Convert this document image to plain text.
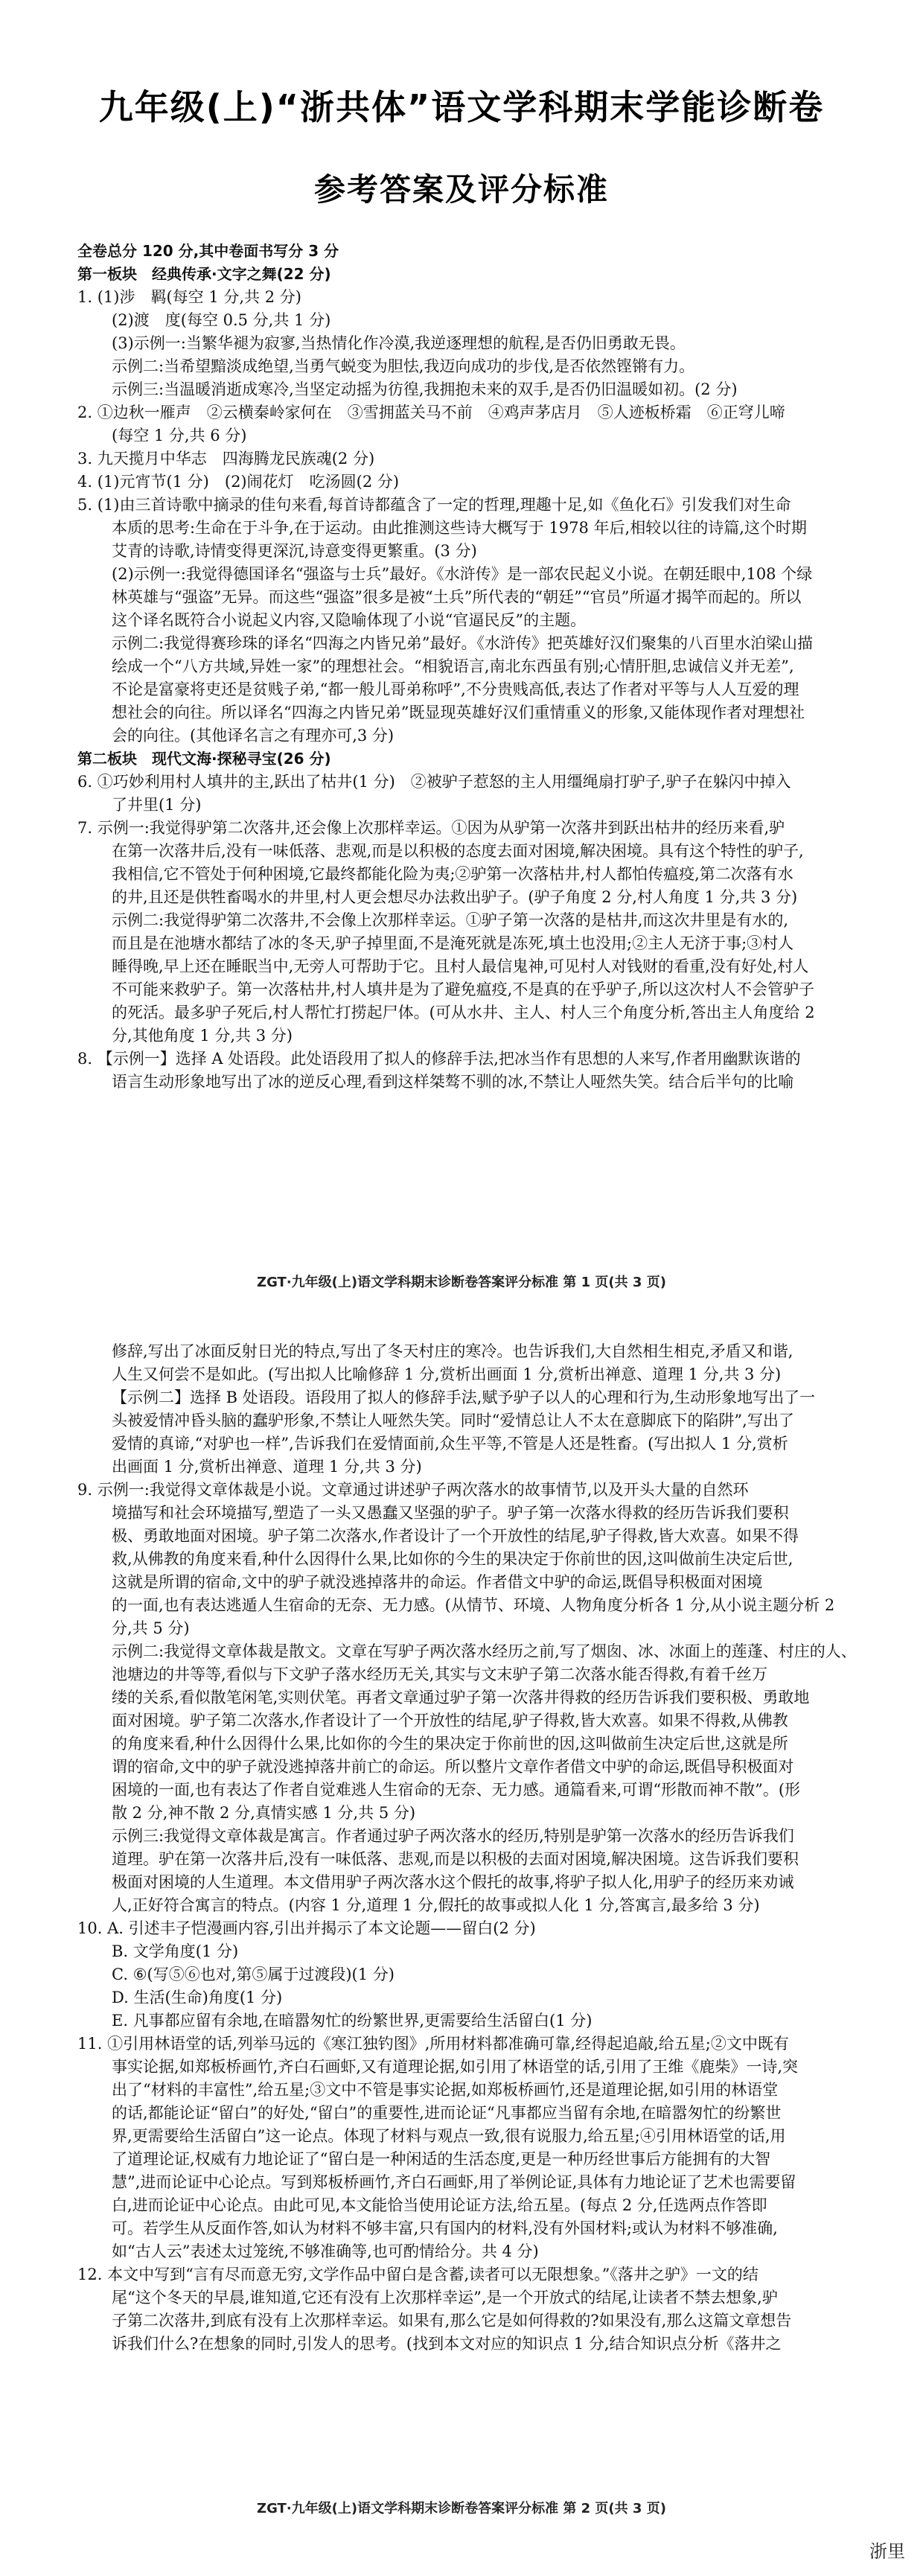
九年级(上)“浙共体”语文学科期末学能诊断卷
参考答案及评分标准
全卷总分 120 分,其中卷面书写分 3 分
第一板块　经典传承·文字之舞(22 分)
1. (1)涉　羁(每空 1 分,共 2 分)
(2)渡　度(每空 0.5 分,共 1 分)
(3)示例一:当繁华褪为寂寥,当热情化作冷漠,我逆逐理想的航程,是否仍旧勇敢无畏。
示例二:当希望黯淡成绝望,当勇气蜕变为胆怯,我迈向成功的步伐,是否依然铿锵有力。
示例三:当温暖消逝成寒冷,当坚定动摇为彷徨,我拥抱未来的双手,是否仍旧温暖如初。(2 分)
2. ①边秋一雁声　②云横秦岭家何在　③雪拥蓝关马不前　④鸡声茅店月　⑤人迹板桥霜　⑥正穹儿啼
(每空 1 分,共 6 分)
3. 九天揽月中华志　四海腾龙民族魂(2 分)
4. (1)元宵节(1 分)　(2)闹花灯　吃汤圆(2 分)
5. (1)由三首诗歌中摘录的佳句来看,每首诗都蕴含了一定的哲理,理趣十足,如《鱼化石》引发我们对生命
本质的思考:生命在于斗争,在于运动。由此推测这些诗大概写于 1978 年后,相较以往的诗篇,这个时期
艾青的诗歌,诗情变得更深沉,诗意变得更繁重。(3 分)
(2)示例一:我觉得德国译名“强盗与士兵”最好。《水浒传》是一部农民起义小说。在朝廷眼中,108 个绿
林英雄与“强盗”无异。而这些“强盗”很多是被“土兵”所代表的“朝廷”“官员”所逼才揭竿而起的。所以
这个译名既符合小说起义内容,又隐喻体现了小说“官逼民反”的主题。
示例二:我觉得赛珍珠的译名“四海之内皆兄弟”最好。《水浒传》把英雄好汉们聚集的八百里水泊梁山描
绘成一个“八方共域,异姓一家”的理想社会。“相貌语言,南北东西虽有别;心情肝胆,忠诚信义并无差”,
不论是富豪将吏还是贫贱子弟,“都一般儿哥弟称呼”,不分贵贱高低,表达了作者对平等与人人互爱的理
想社会的向往。所以译名“四海之内皆兄弟”既显现英雄好汉们重情重义的形象,又能体现作者对理想社
会的向往。(其他译名言之有理亦可,3 分)
第二板块　现代文海·探秘寻宝(26 分)
6. ①巧妙利用村人填井的主,跃出了枯井(1 分)　②被驴子惹怒的主人用缰绳扇打驴子,驴子在躲闪中掉入
了井里(1 分)
7. 示例一:我觉得驴第二次落井,还会像上次那样幸运。①因为从驴第一次落井到跃出枯井的经历来看,驴
在第一次落井后,没有一味低落、悲观,而是以积极的态度去面对困境,解决困境。具有这个特性的驴子,
我相信,它不管处于何种困境,它最终都能化险为夷;②驴第一次落枯井,村人都怕传瘟疫,第二次落有水
的井,且还是供牲畜喝水的井里,村人更会想尽办法救出驴子。(驴子角度 2 分,村人角度 1 分,共 3 分)
示例二:我觉得驴第二次落井,不会像上次那样幸运。①驴子第一次落的是枯井,而这次井里是有水的,
而且是在池塘水都结了冰的冬天,驴子掉里面,不是淹死就是冻死,填土也没用;②主人无济于事;③村人
睡得晚,早上还在睡眠当中,无旁人可帮助于它。且村人最信鬼神,可见村人对钱财的看重,没有好处,村人
不可能来救驴子。第一次落枯井,村人填井是为了避免瘟疫,不是真的在乎驴子,所以这次村人不会管驴子
的死活。最多驴子死后,村人帮忙打捞起尸体。(可从水井、主人、村人三个角度分析,答出主人角度给 2
分,其他角度 1 分,共 3 分)
8. 【示例一】选择 A 处语段。此处语段用了拟人的修辞手法,把冰当作有思想的人来写,作者用幽默诙谐的
语言生动形象地写出了冰的逆反心理,看到这样桀骜不驯的冰,不禁让人哑然失笑。结合后半句的比喻
ZGT·九年级(上)语文学科期末诊断卷答案评分标准 第 1 页(共 3 页)
修辞,写出了冰面反射日光的特点,写出了冬天村庄的寒冷。也告诉我们,大自然相生相克,矛盾又和谐,
人生又何尝不是如此。(写出拟人比喻修辞 1 分,赏析出画面 1 分,赏析出禅意、道理 1 分,共 3 分)
【示例二】选择 B 处语段。语段用了拟人的修辞手法,赋予驴子以人的心理和行为,生动形象地写出了一
头被爱情冲昏头脑的蠢驴形象,不禁让人哑然失笑。同时“爱情总让人不太在意脚底下的陷阱”,写出了
爱情的真谛,“对驴也一样”,告诉我们在爱情面前,众生平等,不管是人还是牲畜。(写出拟人 1 分,赏析
出画面 1 分,赏析出禅意、道理 1 分,共 3 分)
9. 示例一:我觉得文章体裁是小说。文章通过讲述驴子两次落水的故事情节,以及开头大量的自然环
境描写和社会环境描写,塑造了一头又愚蠢又坚强的驴子。驴子第一次落水得救的经历告诉我们要积
极、勇敢地面对困境。驴子第二次落水,作者设计了一个开放性的结尾,驴子得救,皆大欢喜。如果不得
救,从佛教的角度来看,种什么因得什么果,比如你的今生的果决定于你前世的因,这叫做前生决定后世,
这就是所谓的宿命,文中的驴子就没逃掉落井的命运。作者借文中驴的命运,既倡导积极面对困境
的一面,也有表达逃遁人生宿命的无奈、无力感。(从情节、环境、人物角度分析各 1 分,从小说主题分析 2
分,共 5 分)
示例二:我觉得文章体裁是散文。文章在写驴子两次落水经历之前,写了烟囱、冰、冰面上的莲蓬、村庄的人、
池塘边的井等等,看似与下文驴子落水经历无关,其实与文末驴子第二次落水能否得救,有着千丝万
缕的关系,看似散笔闲笔,实则伏笔。再者文章通过驴子第一次落井得救的经历告诉我们要积极、勇敢地
面对困境。驴子第二次落水,作者设计了一个开放性的结尾,驴子得救,皆大欢喜。如果不得救,从佛教
的角度来看,种什么因得什么果,比如你的今生的果决定于你前世的因,这叫做前生决定后世,这就是所
谓的宿命,文中的驴子就没逃掉落井前亡的命运。所以整片文章作者借文中驴的命运,既倡导积极面对
困境的一面,也有表达了作者自觉难逃人生宿命的无奈、无力感。通篇看来,可谓“形散而神不散”。(形
散 2 分,神不散 2 分,真情实感 1 分,共 5 分)
示例三:我觉得文章体裁是寓言。作者通过驴子两次落水的经历,特别是驴第一次落水的经历告诉我们
道理。驴在第一次落井后,没有一味低落、悲观,而是以积极的去面对困境,解决困境。这告诉我们要积
极面对困境的人生道理。本文借用驴子两次落水这个假托的故事,将驴子拟人化,用驴子的经历来劝诫
人,正好符合寓言的特点。(内容 1 分,道理 1 分,假托的故事或拟人化 1 分,答寓言,最多给 3 分)
10. A. 引述丰子恺漫画内容,引出并揭示了本文论题——留白(2 分)
B. 文学角度(1 分)
C. ⑥(写⑤⑥也对,第⑤属于过渡段)(1 分)
D. 生活(生命)角度(1 分)
E. 凡事都应留有余地,在暗嚣匆忙的纷繁世界,更需要给生活留白(1 分)
11. ①引用林语堂的话,列举马远的《寒江独钓图》,所用材料都准确可靠,经得起追敲,给五星;②文中既有
事实论据,如郑板桥画竹,齐白石画虾,又有道理论据,如引用了林语堂的话,引用了王维《鹿柴》一诗,突
出了“材料的丰富性”,给五星;③文中不管是事实论据,如郑板桥画竹,还是道理论据,如引用的林语堂
的话,都能论证“留白”的好处,“留白”的重要性,进而论证“凡事都应当留有余地,在暗嚣匆忙的纷繁世
界,更需要给生活留白”这一论点。体现了材料与观点一致,很有说服力,给五星;④引用林语堂的话,用
了道理论证,权威有力地论证了“留白是一种闲适的生活态度,更是一种历经世事后方能拥有的大智
慧”,进而论证中心论点。写到郑板桥画竹,齐白石画虾,用了举例论证,具体有力地论证了艺术也需要留
白,进而论证中心论点。由此可见,本文能恰当使用论证方法,给五星。(每点 2 分,任选两点作答即
可。若学生从反面作答,如认为材料不够丰富,只有国内的材料,没有外国材料;或认为材料不够准确,
如“古人云”表述太过笼统,不够准确等,也可酌情给分。共 4 分)
12. 本文中写到“言有尽而意无穷,文学作品中留白是含蓄,读者可以无限想象。”《落井之驴》一文的结
尾“这个冬天的早晨,谁知道,它还有没有上次那样幸运”,是一个开放式的结尾,让读者不禁去想象,驴
子第二次落井,到底有没有上次那样幸运。如果有,那么它是如何得救的?如果没有,那么这篇文章想告
诉我们什么?在想象的同时,引发人的思考。(找到本文对应的知识点 1 分,结合知识点分析《落井之
ZGT·九年级(上)语文学科期末诊断卷答案评分标准 第 2 页(共 3 页)
浙里
